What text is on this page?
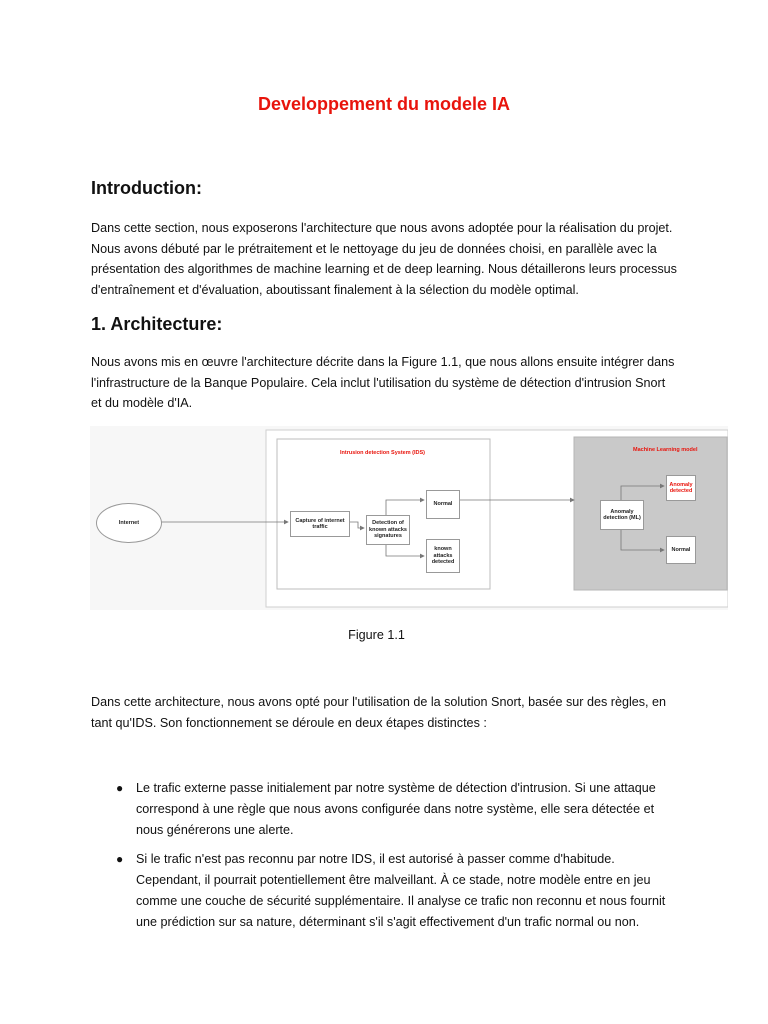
Developpement du modele IA
Introduction:
Dans cette section, nous exposerons l'architecture que nous avons adoptée pour la réalisation du projet.
Nous avons débuté par le prétraitement et le nettoyage du jeu de données choisi, en parallèle avec la
présentation des algorithmes de machine learning et de deep learning. Nous détaillerons leurs processus
d'entraînement et d'évaluation, aboutissant finalement à la sélection du modèle optimal.
1. Architecture:
Nous avons mis en œuvre l'architecture décrite dans la Figure 1.1, que nous allons ensuite intégrer dans
l'infrastructure de la Banque Populaire. Cela inclut l'utilisation du système de détection d'intrusion Snort
et du modèle d'IA.
Intrusion detection System (IDS)	Machine Learning model
Internet	Capture of internet traffic
Detection of known attacks signatures
Normal
known attacks detected
Anomaly detection (ML)
Anomaly detected
Normal
Figure 1.1
Dans cette architecture, nous avons opté pour l'utilisation de la solution Snort, basée sur des règles, en
tant qu'IDS. Son fonctionnement se déroule en deux étapes distinctes :
● Le trafic externe passe initialement par notre système de détection d'intrusion. Si une attaque
correspond à une règle que nous avons configurée dans notre système, elle sera détectée et
nous générerons une alerte.
● Si le trafic n'est pas reconnu par notre IDS, il est autorisé à passer comme d'habitude.
Cependant, il pourrait potentiellement être malveillant. À ce stade, notre modèle entre en jeu
comme une couche de sécurité supplémentaire. Il analyse ce trafic non reconnu et nous fournit
une prédiction sur sa nature, déterminant s'il s'agit effectivement d'un trafic normal ou non.
